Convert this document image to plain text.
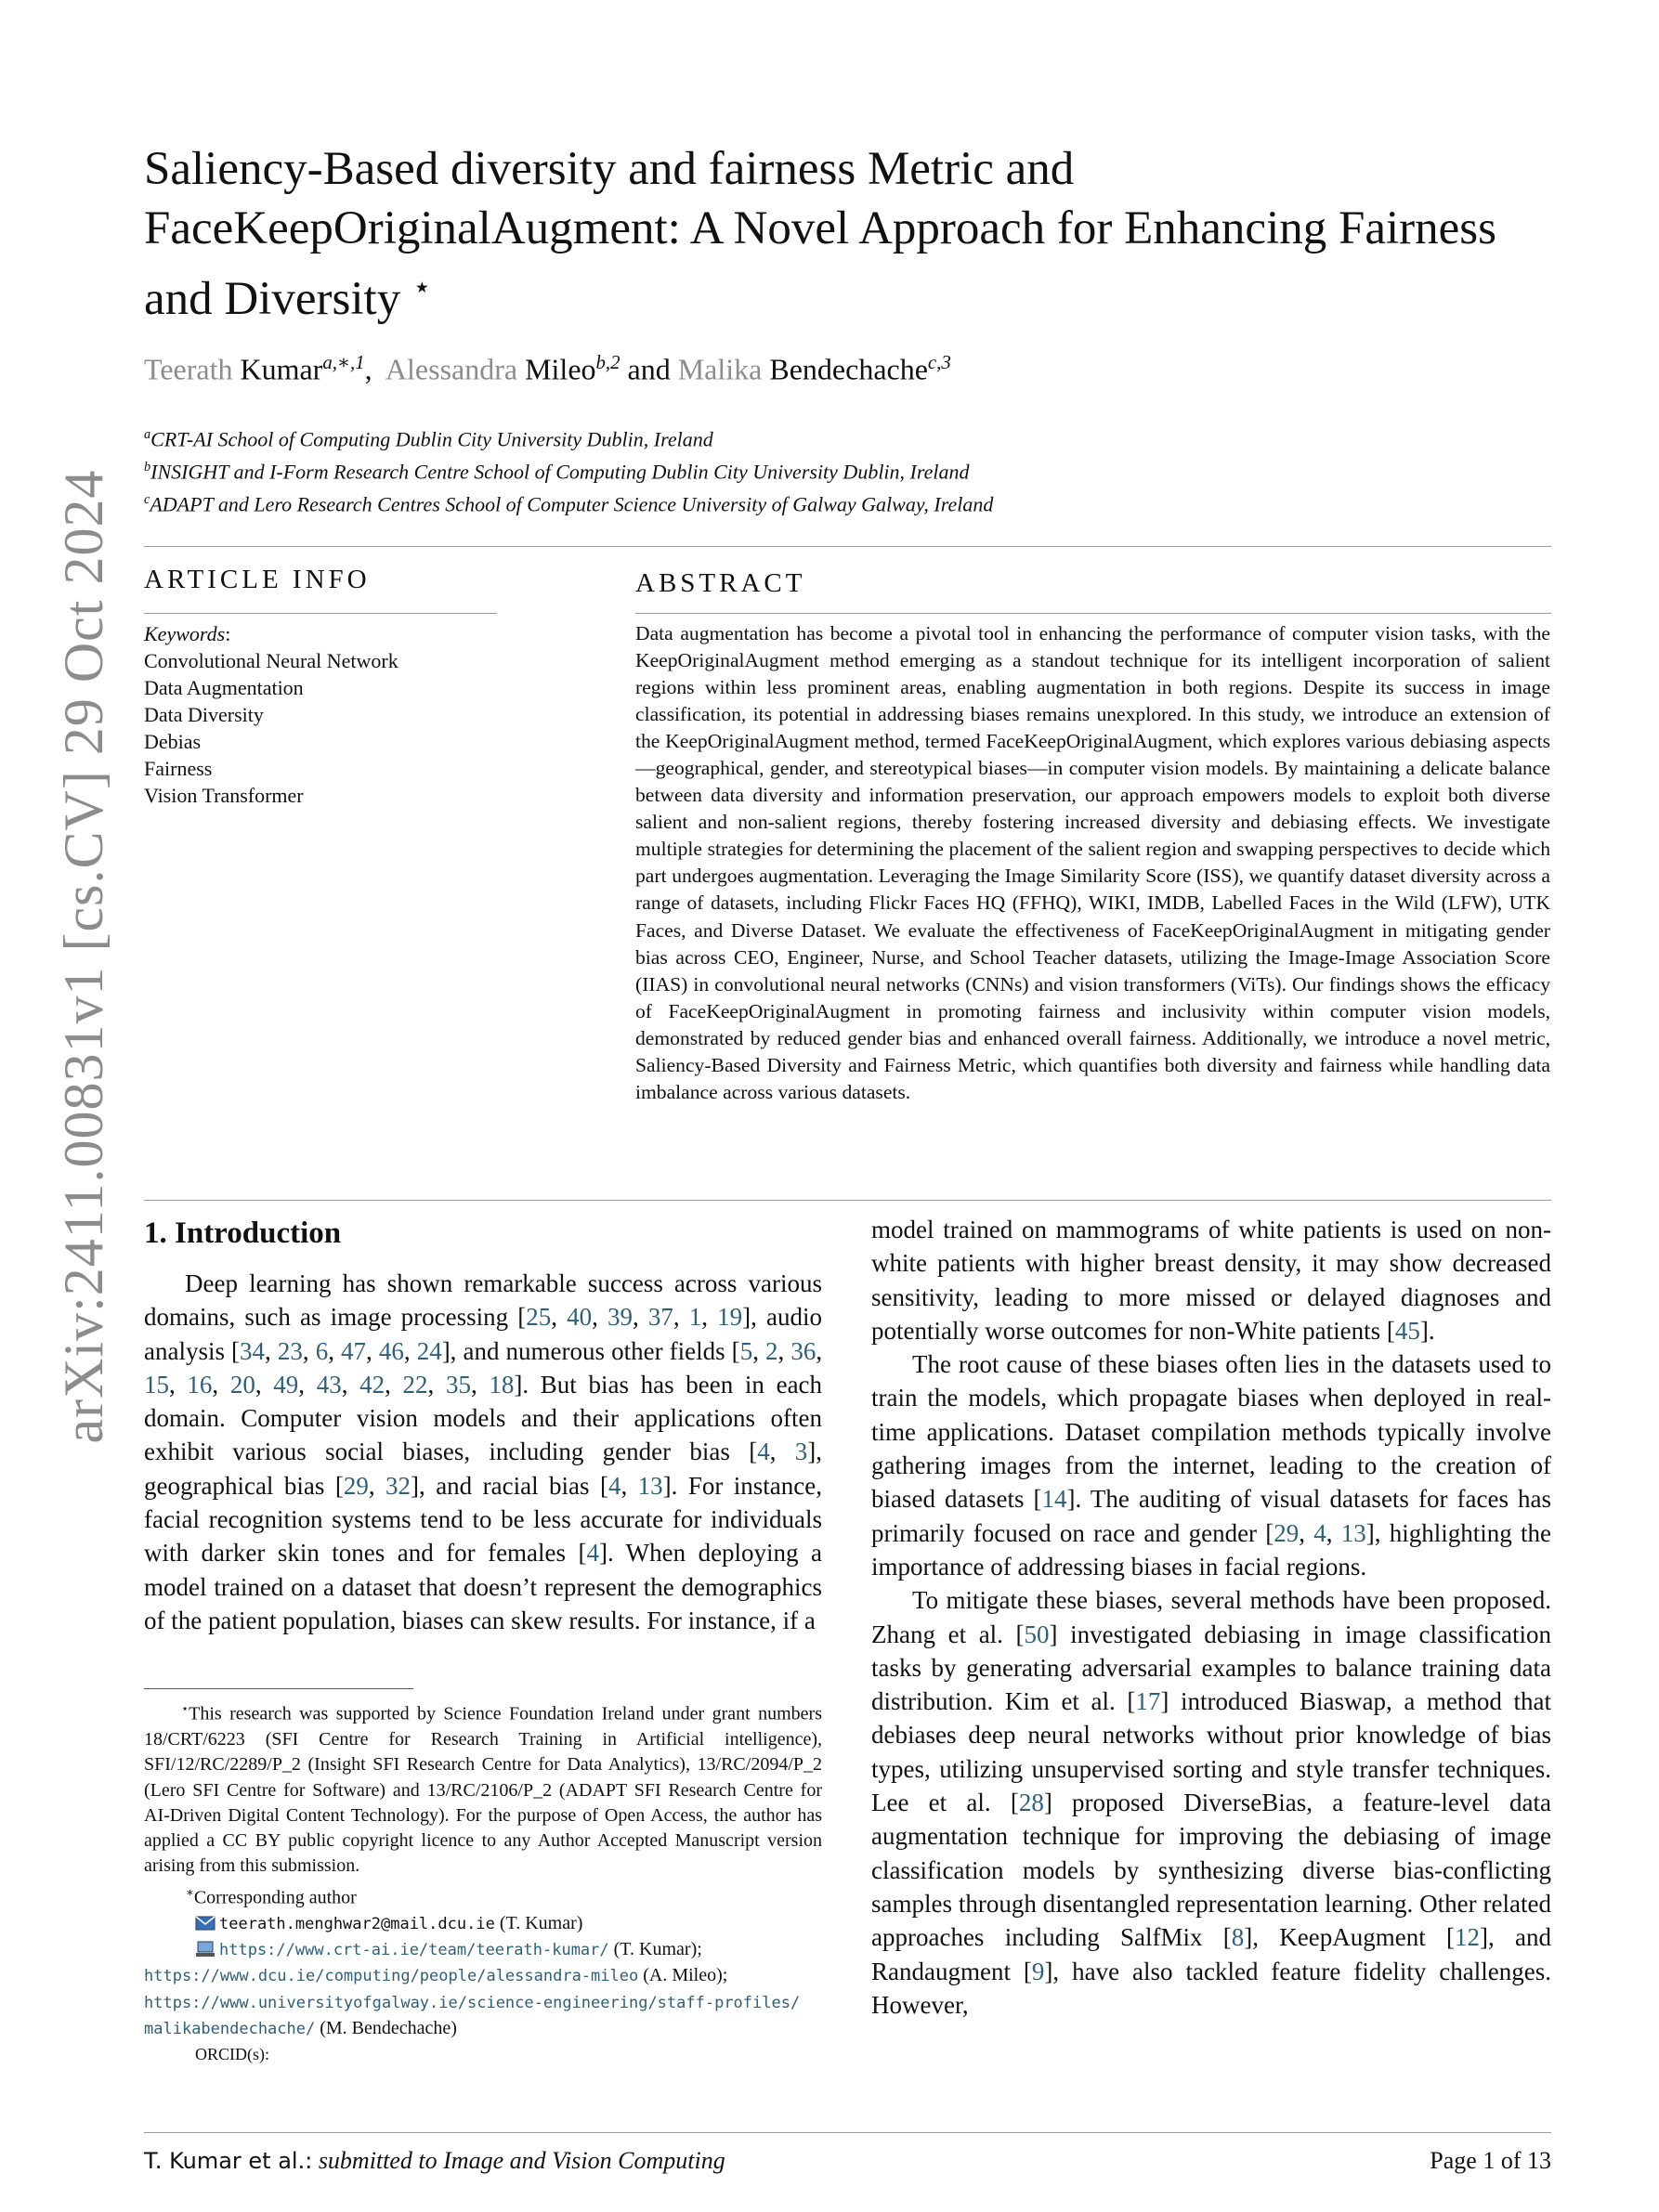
arXiv:2411.00831v1 [cs.CV] 29 Oct 2024
Saliency-Based diversity and fairness Metric and FaceKeepOriginalAugment: A Novel Approach for Enhancing Fairness and Diversity ⋆
Teerath Kumar$^{a,∗,1}$,  Alessandra Mileo$^{b,2}$ and Malika Bendechache$^{c,3}$
$^a$CRT-AI School of Computing Dublin City University Dublin, Ireland
$^b$INSIGHT and I-Form Research Centre School of Computing Dublin City University Dublin, Ireland
$^c$ADAPT and Lero Research Centres School of Computer Science University of Galway Galway, Ireland
ARTICLE INFO	ABSTRACT
Keywords:
Convolutional Neural Network
Data Augmentation
Data Diversity
Debias
Fairness
Vision Transformer
Data augmentation has become a pivotal tool in enhancing the performance of computer vision tasks, with the KeepOriginalAugment method emerging as a standout technique for its intelligent incorporation of salient regions within less prominent areas, enabling augmentation in both regions. Despite its success in image classification, its potential in addressing biases remains unexplored. In this study, we introduce an extension of the KeepOriginalAugment method, termed FaceKeepOriginalAugment, which explores various debiasing aspects—geographical, gender, and stereotypical biases—in computer vision models. By maintaining a delicate balance between data diversity and information preservation, our approach empowers models to exploit both diverse salient and non-salient regions, thereby fostering increased diversity and debiasing effects. We investigate multiple strategies for determining the placement of the salient region and swapping perspectives to decide which part undergoes augmentation. Leveraging the Image Similarity Score (ISS), we quantify dataset diversity across a range of datasets, including Flickr Faces HQ (FFHQ), WIKI, IMDB, Labelled Faces in the Wild (LFW), UTK Faces, and Diverse Dataset. We evaluate the effectiveness of FaceKeepOriginalAugment in mitigating gender bias across CEO, Engineer, Nurse, and School Teacher datasets, utilizing the Image-Image Association Score (IIAS) in convolutional neural networks (CNNs) and vision transformers (ViTs). Our findings shows the efficacy of FaceKeepOriginalAugment in promoting fairness and inclusivity within computer vision models, demonstrated by reduced gender bias and enhanced overall fairness. Additionally, we introduce a novel metric, Saliency-Based Diversity and Fairness Metric, which quantifies both diversity and fairness while handling data imbalance across various datasets.
1. Introduction

Deep learning has shown remarkable success across various domains, such as image processing [25, 40, 39, 37, 1, 19], audio analysis [34, 23, 6, 47, 46, 24], and numerous other fields [5, 2, 36, 15, 16, 20, 49, 43, 42, 22, 35, 18]. But bias has been in each domain. Computer vision models and their applications often exhibit various social biases, including gender bias [4, 3], geographical bias [29, 32], and racial bias [4, 13]. For instance, facial recognition systems tend to be less accurate for individuals with darker skin tones and for females [4]. When deploying a model trained on a dataset that doesn’t represent the demographics of the patient population, biases can skew results. For instance, if a

model trained on mammograms of white patients is used on non-white patients with higher breast density, it may show decreased sensitivity, leading to more missed or delayed diagnoses and potentially worse outcomes for non-White patients [45].

The root cause of these biases often lies in the datasets used to train the models, which propagate biases when deployed in real-time applications. Dataset compilation methods typically involve gathering images from the internet, leading to the creation of biased datasets [14]. The auditing of visual datasets for faces has primarily focused on race and gender [29, 4, 13], highlighting the importance of addressing biases in facial regions.

To mitigate these biases, several methods have been proposed. Zhang et al. [50] investigated debiasing in image classification tasks by generating adversarial examples to balance training data distribution. Kim et al. [17] introduced Biaswap, a method that debiases deep neural networks without prior knowledge of bias types, utilizing unsupervised sorting and style transfer techniques. Lee et al. [28] proposed DiverseBias, a feature-level data augmentation technique for improving the debiasing of image classification models by synthesizing diverse bias-conflicting samples through disentangled representation learning. Other related approaches including SalfMix [8], KeepAugment [12], and Randaugment [9], have also tackled feature fidelity challenges. However,

⋆This research was supported by Science Foundation Ireland under grant numbers 18/CRT/6223 (SFI Centre for Research Training in Artificial intelligence), SFI/12/RC/2289/P_2 (Insight SFI Research Centre for Data Analytics), 13/RC/2094/P_2 (Lero SFI Centre for Software) and 13/RC/2106/P_2 (ADAPT SFI Research Centre for AI-Driven Digital Content Technology). For the purpose of Open Access, the author has applied a CC BY public copyright licence to any Author Accepted Manuscript version arising from this submission.

∗Corresponding author

teerath.menghwar2@mail.dcu.ie (T. Kumar)

https://www.crt-ai.ie/team/teerath-kumar/ (T. Kumar);

https://www.dcu.ie/computing/people/alessandra-mileo (A. Mileo);

https://www.universityofgalway.ie/science-engineering/staff-profiles/

malikabendechache/ (M. Bendechache)

ORCID(s):

T. Kumar et al.: submitted to Image and Vision Computing	Page 1 of 13
